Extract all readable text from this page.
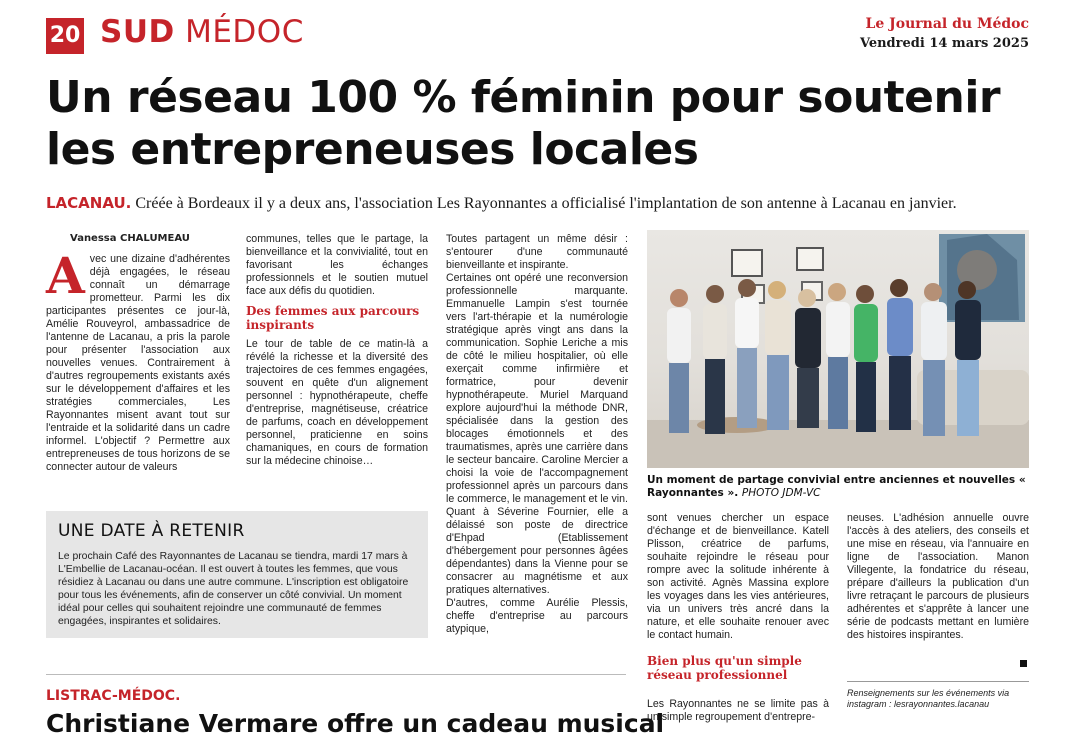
20 SUD MÉDOC	Le Journal du Médoc
Vendredi 14 mars 2025
Un réseau 100 % féminin pour soutenir
les entrepreneuses locales
LACANAU. Créée à Bordeaux il y a deux ans, l'association Les Rayonnantes a officialisé l'implantation de son antenne à Lacanau en janvier.
Vanessa CHALUMEAU
A vec une dizaine d'adhérentes déjà engagées, le réseau connaît un démarrage prometteur. Parmi les dix participantes présentes ce jour-là, Amélie Rouveyrol, ambassadrice de l'antenne de Lacanau, a pris la parole pour présenter l'association aux nouvelles venues. Contrairement à d'autres regroupements existants axés sur le développement d'affaires et les stratégies commerciales, Les Rayonnantes misent avant tout sur l'entraide et la solidarité dans un cadre informel. L'objectif ? Permettre aux entrepreneuses de tous horizons de se connecter autour de valeurs

communes, telles que le partage, la bienveillance et la convivialité, tout en favorisant les échanges professionnels et le soutien mutuel face aux défis du quotidien.

Des femmes aux parcours inspirants

Le tour de table de ce matin-là a révélé la richesse et la diversité des trajectoires de ces femmes engagées, souvent en quête d'un alignement personnel : hypnothérapeute, cheffe d'entreprise, magnétiseuse, créatrice de parfums, coach en développement personnel, praticienne en soins chamaniques, en cours de formation sur la médecine chinoise…

Toutes partagent un même désir : s'entourer d'une communauté bienveillante et inspirante.

Certaines ont opéré une reconversion professionnelle marquante. Emmanuelle Lampin s'est tournée vers l'art-thérapie et la numérologie stratégique après vingt ans dans la communication. Sophie Leriche a mis de côté le milieu hospitalier, où elle exerçait comme infirmière et formatrice, pour devenir hypnothérapeute. Muriel Marquand explore aujourd'hui la méthode DNR, spécialisée dans la gestion des blocages émotionnels et des traumatismes, après une carrière dans le secteur bancaire. Caroline Mercier a choisi la voie de l'accompagnement professionnel après un parcours dans le commerce, le management et le vin. Quant à Séverine Fournier, elle a délaissé son poste de directrice d'Ehpad (Etablissement d'hébergement pour personnes âgées dépendantes) dans la Vienne pour se consacrer au magnétisme et aux pratiques alternatives.

D'autres, comme Aurélie Plessis, cheffe d'entreprise au parcours atypique,

Un moment de partage convivial entre anciennes et nouvelles « Rayonnantes ». PHOTO JDM-VC

sont venues chercher un espace d'échange et de bienveillance. Katell Plisson, créatrice de parfums, souhaite rejoindre le réseau pour rompre avec la solitude inhérente à son activité. Agnès Massina explore les voyages dans les vies antérieures, via un univers très ancré dans la nature, et elle souhaite renouer avec le contact humain.

Bien plus qu'un simple réseau professionnel

Les Rayonnantes ne se limite pas à un simple regroupement d'entrepre-

neuses. L'adhésion annuelle ouvre l'accès à des ateliers, des conseils et une mise en réseau, via l'annuaire en ligne de l'association. Manon Villegente, la fondatrice du réseau, prépare d'ailleurs la publication d'un livre retraçant le parcours de plusieurs adhérentes et s'apprête à lancer une série de podcasts mettant en lumière des histoires inspirantes.

Renseignements sur les événements via instagram : lesrayonnantes.lacanau
UNE DATE À RETENIR
Le prochain Café des Rayonnantes de Lacanau se tiendra, mardi 17 mars à L'Embellie de Lacanau-océan. Il est ouvert à toutes les femmes, que vous résidiez à Lacanau ou dans une autre commune. L'inscription est obligatoire pour tous les événements, afin de conserver un côté convivial. Un moment idéal pour celles qui souhaitent rejoindre une communauté de femmes engagées, inspirantes et solidaires.
LISTRAC-MÉDOC.
Christiane Vermare offre un cadeau musical
